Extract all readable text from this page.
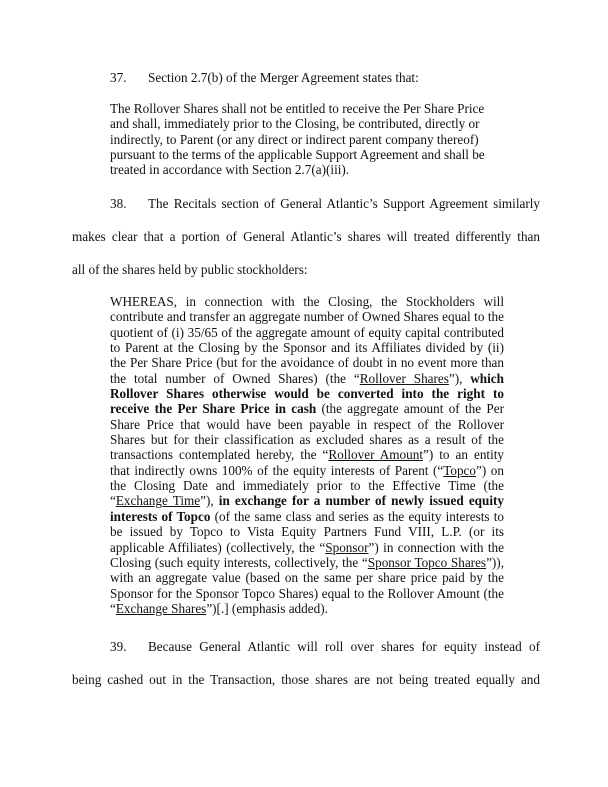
37. Section 2.7(b) of the Merger Agreement states that:
The Rollover Shares shall not be entitled to receive the Per Share Price and shall, immediately prior to the Closing, be contributed, directly or indirectly, to Parent (or any direct or indirect parent company thereof) pursuant to the terms of the applicable Support Agreement and shall be treated in accordance with Section 2.7(a)(iii).
38. The Recitals section of General Atlantic’s Support Agreement similarly
makes clear that a portion of General Atlantic’s shares will treated differently than
all of the shares held by public stockholders:
WHEREAS, in connection with the Closing, the Stockholders will contribute and transfer an aggregate number of Owned Shares equal to the quotient of (i) 35/65 of the aggregate amount of equity capital contributed to Parent at the Closing by the Sponsor and its Affiliates divided by (ii) the Per Share Price (but for the avoidance of doubt in no event more than the total number of Owned Shares) (the “Rollover Shares”), which Rollover Shares otherwise would be converted into the right to receive the Per Share Price in cash (the aggregate amount of the Per Share Price that would have been payable in respect of the Rollover Shares but for their classification as excluded shares as a result of the transactions contemplated hereby, the “Rollover Amount”) to an entity that indirectly owns 100% of the equity interests of Parent (“Topco”) on the Closing Date and immediately prior to the Effective Time (the “Exchange Time”), in exchange for a number of newly issued equity interests of Topco (of the same class and series as the equity interests to be issued by Topco to Vista Equity Partners Fund VIII, L.P. (or its applicable Affiliates) (collectively, the “Sponsor”) in connection with the Closing (such equity interests, collectively, the “Sponsor Topco Shares”)), with an aggregate value (based on the same per share price paid by the Sponsor for the Sponsor Topco Shares) equal to the Rollover Amount (the “Exchange Shares”)[.] (emphasis added).
39. Because General Atlantic will roll over shares for equity instead of
being cashed out in the Transaction, those shares are not being treated equally and
